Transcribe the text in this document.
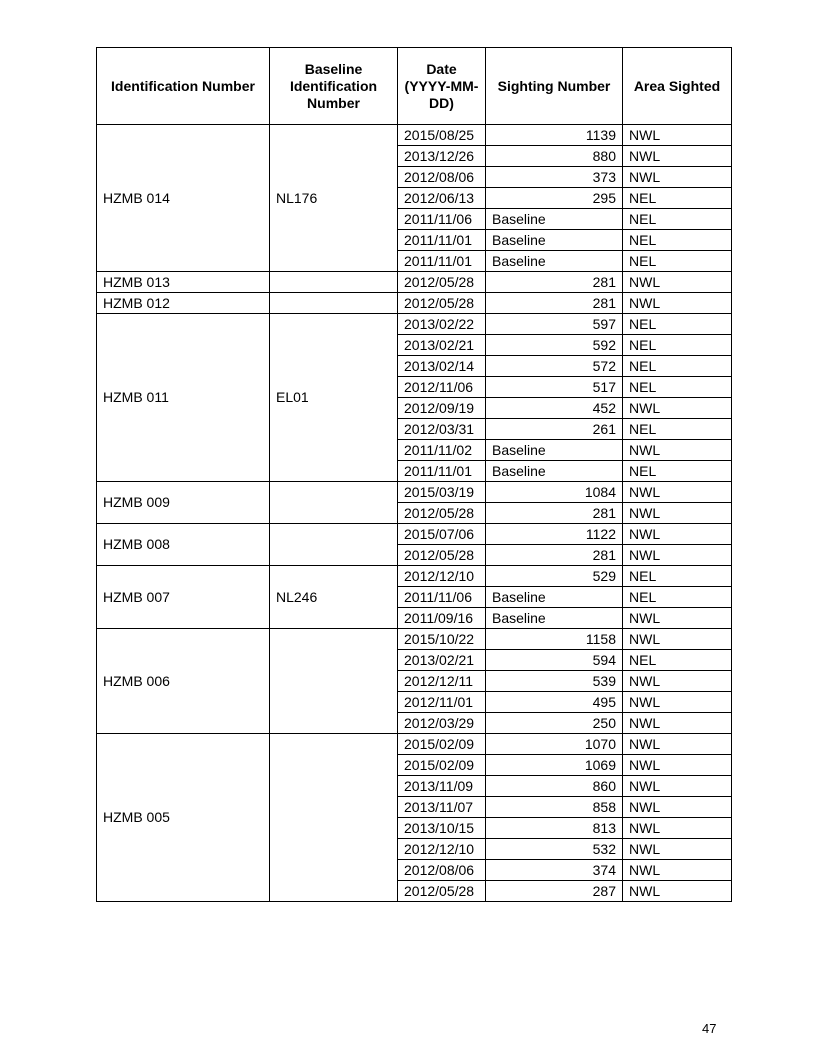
Identification Number	Baseline Identification Number	Date (YYYY-MM-DD)	Sighting Number	Area Sighted
HZMB 014	NL176	2015/08/25	1139	NWL
		2013/12/26	880	NWL
		2012/08/06	373	NWL
		2012/06/13	295	NEL
		2011/11/06	Baseline	NEL
		2011/11/01	Baseline	NEL
		2011/11/01	Baseline	NEL
HZMB 013		2012/05/28	281	NWL
HZMB 012		2012/05/28	281	NWL
HZMB 011	EL01	2013/02/22	597	NEL
		2013/02/21	592	NEL
		2013/02/14	572	NEL
		2012/11/06	517	NEL
		2012/09/19	452	NWL
		2012/03/31	261	NEL
		2011/11/02	Baseline	NWL
		2011/11/01	Baseline	NEL
HZMB 009		2015/03/19	1084	NWL
		2012/05/28	281	NWL
HZMB 008		2015/07/06	1122	NWL
		2012/05/28	281	NWL
HZMB 007	NL246	2012/12/10	529	NEL
		2011/11/06	Baseline	NEL
		2011/09/16	Baseline	NWL
HZMB 006		2015/10/22	1158	NWL
		2013/02/21	594	NEL
		2012/12/11	539	NWL
		2012/11/01	495	NWL
		2012/03/29	250	NWL
HZMB 005		2015/02/09	1070	NWL
		2015/02/09	1069	NWL
		2013/11/09	860	NWL
		2013/11/07	858	NWL
		2013/10/15	813	NWL
		2012/12/10	532	NWL
		2012/08/06	374	NWL
		2012/05/28	287	NWL
47
